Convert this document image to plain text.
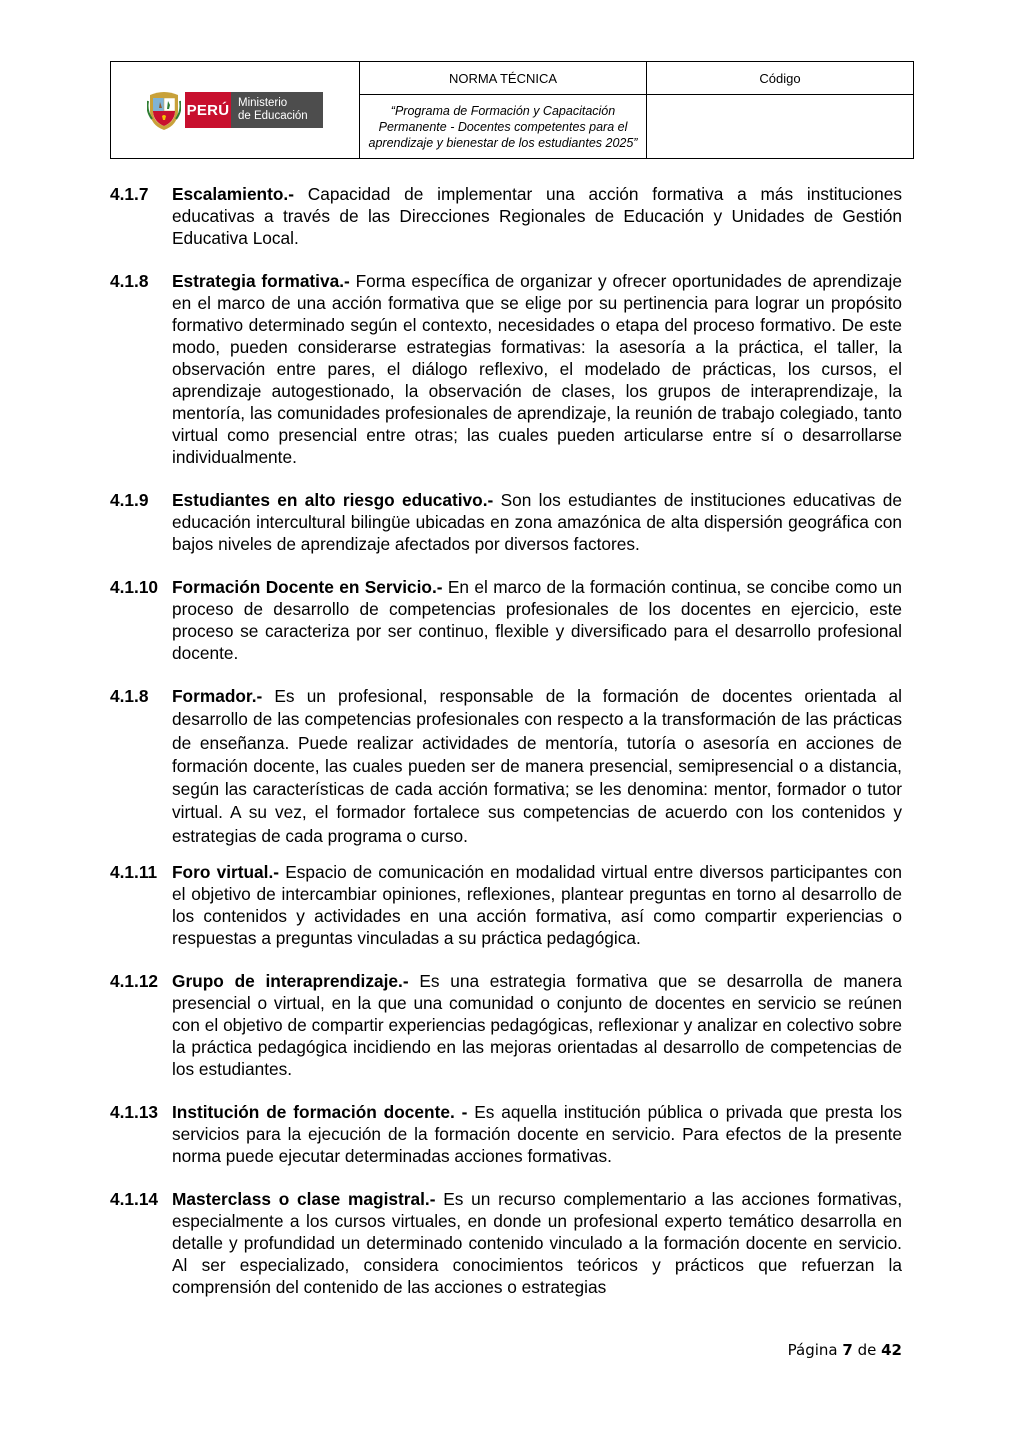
PERÚ Ministerio
de Educación	NORMA TÉCNICA	Código
	“Programa de Formación y Capacitación Permanente - Docentes competentes para el aprendizaje y bienestar de los estudiantes 2025”	
4.1.7	Escalamiento.- Capacidad de implementar una acción formativa a más instituciones educativas a través de las Direcciones Regionales de Educación y Unidades de Gestión Educativa Local.
4.1.8	Estrategia formativa.- Forma específica de organizar y ofrecer oportunidades de aprendizaje en el marco de una acción formativa que se elige por su pertinencia para lograr un propósito formativo determinado según el contexto, necesidades o etapa del proceso formativo. De este modo, pueden considerarse estrategias formativas: la asesoría a la práctica, el taller, la observación entre pares, el diálogo reflexivo, el modelado de prácticas, los cursos, el aprendizaje autogestionado, la observación de clases, los grupos de interaprendizaje, la mentoría, las comunidades profesionales de aprendizaje, la reunión de trabajo colegiado, tanto virtual como presencial entre otras; las cuales pueden articularse entre sí o desarrollarse individualmente.
4.1.9	Estudiantes en alto riesgo educativo.- Son los estudiantes de instituciones educativas de educación intercultural bilingüe ubicadas en zona amazónica de alta dispersión geográfica con bajos niveles de aprendizaje afectados por diversos factores.
4.1.10 Formación Docente en Servicio.- En el marco de la formación continua, se concibe como un proceso de desarrollo de competencias profesionales de los docentes en ejercicio, este proceso se caracteriza por ser continuo, flexible y diversificado para el desarrollo profesional docente.
4.1.8	Formador.- Es un profesional, responsable de la formación de docentes orientada al desarrollo de las competencias profesionales con respecto a la transformación de las prácticas de enseñanza. Puede realizar actividades de mentoría, tutoría o asesoría en acciones de formación docente, las cuales pueden ser de manera presencial, semipresencial o a distancia, según las características de cada acción formativa; se les denomina: mentor, formador o tutor virtual. A su vez, el formador fortalece sus competencias de acuerdo con los contenidos y estrategias de cada programa o curso.
4.1.11 Foro virtual.- Espacio de comunicación en modalidad virtual entre diversos participantes con el objetivo de intercambiar opiniones, reflexiones, plantear preguntas en torno al desarrollo de los contenidos y actividades en una acción formativa, así como compartir experiencias o respuestas a preguntas vinculadas a su práctica pedagógica.
4.1.12 Grupo de interaprendizaje.- Es una estrategia formativa que se desarrolla de manera presencial o virtual, en la que una comunidad o conjunto de docentes en servicio se reúnen con el objetivo de compartir experiencias pedagógicas, reflexionar y analizar en colectivo sobre la práctica pedagógica incidiendo en las mejoras orientadas al desarrollo de competencias de los estudiantes.
4.1.13 Institución de formación docente. - Es aquella institución pública o privada que presta los servicios para la ejecución de la formación docente en servicio. Para efectos de la presente norma puede ejecutar determinadas acciones formativas.
4.1.14 Masterclass o clase magistral.- Es un recurso complementario a las acciones formativas, especialmente a los cursos virtuales, en donde un profesional experto temático desarrolla en detalle y profundidad un determinado contenido vinculado a la formación docente en servicio. Al ser especializado, considera conocimientos teóricos y prácticos que refuerzan la comprensión del contenido de las acciones o estrategias
Página 7 de 42
